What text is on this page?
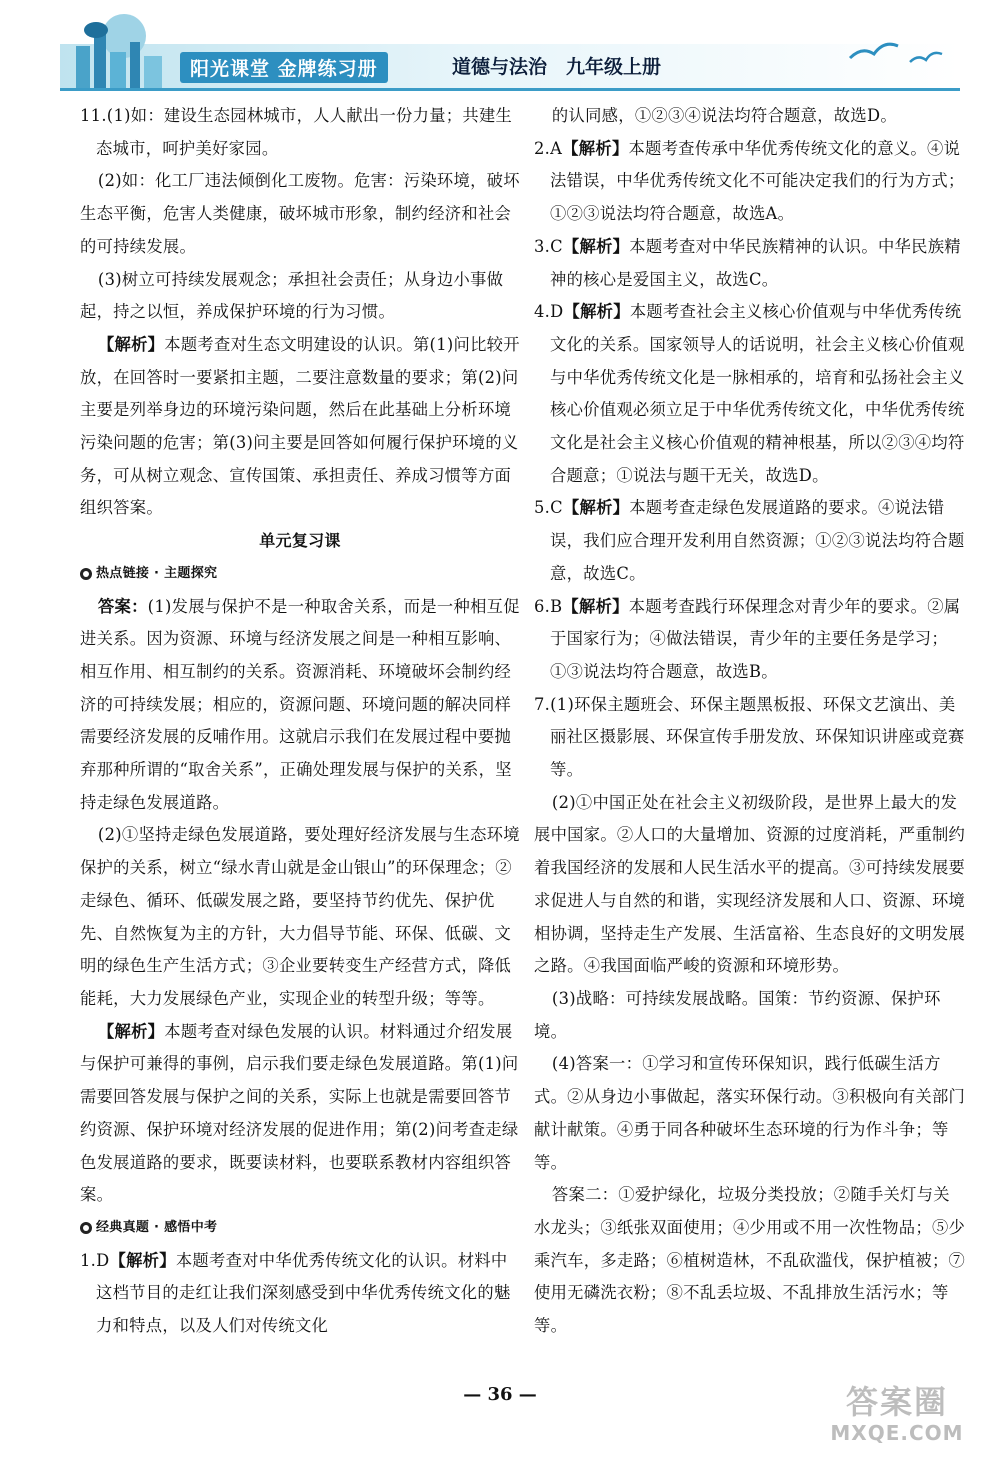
阳光课堂 金牌练习册	道德与法治　九年级上册

11.(1)如：建设生态园林城市，人人献出一份力量；共建生态城市，呵护美好家园。

(2)如：化工厂违法倾倒化工废物。危害：污染环境，破坏生态平衡，危害人类健康，破坏城市形象，制约经济和社会的可持续发展。

(3)树立可持续发展观念；承担社会责任；从身边小事做起，持之以恒，养成保护环境的行为习惯。

【解析】本题考查对生态文明建设的认识。第(1)问比较开放，在回答时一要紧扣主题，二要注意数量的要求；第(2)问主要是列举身边的环境污染问题，然后在此基础上分析环境污染问题的危害；第(3)问主要是回答如何履行保护环境的义务，可从树立观念、宣传国策、承担责任、养成习惯等方面组织答案。

单元复习课

热点链接 · 主题探究

答案：(1)发展与保护不是一种取舍关系，而是一种相互促进关系。因为资源、环境与经济发展之间是一种相互影响、相互作用、相互制约的关系。资源消耗、环境破坏会制约经济的可持续发展；相应的，资源问题、环境问题的解决同样需要经济发展的反哺作用。这就启示我们在发展过程中要抛弃那种所谓的“取舍关系”，正确处理发展与保护的关系，坚持走绿色发展道路。

(2)①坚持走绿色发展道路，要处理好经济发展与生态环境保护的关系，树立“绿水青山就是金山银山”的环保理念；②走绿色、循环、低碳发展之路，要坚持节约优先、保护优先、自然恢复为主的方针，大力倡导节能、环保、低碳、文明的绿色生产生活方式；③企业要转变生产经营方式，降低能耗，大力发展绿色产业，实现企业的转型升级；等等。

【解析】本题考查对绿色发展的认识。材料通过介绍发展与保护可兼得的事例，启示我们要走绿色发展道路。第(1)问需要回答发展与保护之间的关系，实际上也就是需要回答节约资源、保护环境对经济发展的促进作用；第(2)问考查走绿色发展道路的要求，既要读材料，也要联系教材内容组织答案。

经典真题 · 感悟中考

1.D【解析】本题考查对中华优秀传统文化的认识。材料中这档节目的走红让我们深刻感受到中华优秀传统文化的魅力和特点，以及人们对传统文化

的认同感，①②③④说法均符合题意，故选D。

2.A【解析】本题考查传承中华优秀传统文化的意义。④说法错误，中华优秀传统文化不可能决定我们的行为方式；①②③说法均符合题意，故选A。

3.C【解析】本题考查对中华民族精神的认识。中华民族精神的核心是爱国主义，故选C。

4.D【解析】本题考查社会主义核心价值观与中华优秀传统文化的关系。国家领导人的话说明，社会主义核心价值观与中华优秀传统文化是一脉相承的，培育和弘扬社会主义核心价值观必须立足于中华优秀传统文化，中华优秀传统文化是社会主义核心价值观的精神根基，所以②③④均符合题意；①说法与题干无关，故选D。

5.C【解析】本题考查走绿色发展道路的要求。④说法错误，我们应合理开发利用自然资源；①②③说法均符合题意，故选C。

6.B【解析】本题考查践行环保理念对青少年的要求。②属于国家行为；④做法错误，青少年的主要任务是学习；①③说法均符合题意，故选B。

7.(1)环保主题班会、环保主题黑板报、环保文艺演出、美丽社区摄影展、环保宣传手册发放、环保知识讲座或竞赛等。

(2)①中国正处在社会主义初级阶段，是世界上最大的发展中国家。②人口的大量增加、资源的过度消耗，严重制约着我国经济的发展和人民生活水平的提高。③可持续发展要求促进人与自然的和谐，实现经济发展和人口、资源、环境相协调，坚持走生产发展、生活富裕、生态良好的文明发展之路。④我国面临严峻的资源和环境形势。

(3)战略：可持续发展战略。国策：节约资源、保护环境。

(4)答案一：①学习和宣传环保知识，践行低碳生活方式。②从身边小事做起，落实环保行动。③积极向有关部门献计献策。④勇于同各种破坏生态环境的行为作斗争；等等。

答案二：①爱护绿化，垃圾分类投放；②随手关灯与关水龙头；③纸张双面使用；④少用或不用一次性物品；⑤少乘汽车，多走路；⑥植树造林，不乱砍滥伐，保护植被；⑦使用无磷洗衣粉；⑧不乱丢垃圾、不乱排放生活污水；等等。

— 36 —	答案圈
MXQE.COM
